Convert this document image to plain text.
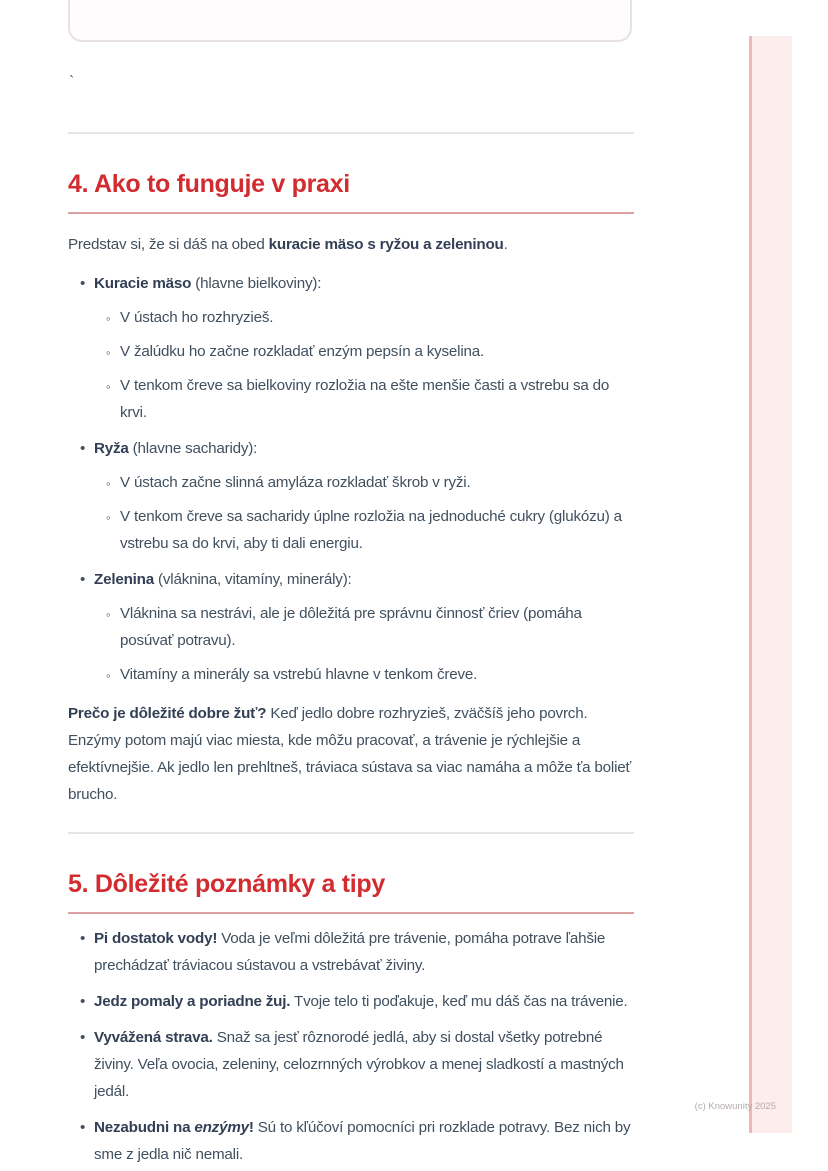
`
4. Ako to funguje v praxi

Predstav si, že si dáš na obed kuracie mäso s ryžou a zeleninou.

• Kuracie mäso (hlavne bielkoviny):
◦ V ústach ho rozhryzieš.
◦ V žalúdku ho začne rozkladať enzým pepsín a kyselina.
◦ V tenkom čreve sa bielkoviny rozložia na ešte menšie časti a vstrebu sa do krvi.
• Ryža (hlavne sacharidy):
◦ V ústach začne slinná amyláza rozkladať škrob v ryži.
◦ V tenkom čreve sa sacharidy úplne rozložia na jednoduché cukry (glukózu) a vstrebu sa do krvi, aby ti dali energiu.
• Zelenina (vláknina, vitamíny, minerály):
◦ Vláknina sa nestrávi, ale je dôležitá pre správnu činnosť čriev (pomáha posúvať potravu).
◦ Vitamíny a minerály sa vstrebú hlavne v tenkom čreve.

Prečo je dôležité dobre žuť? Keď jedlo dobre rozhryzieš, zväčšíš jeho povrch. Enzýmy potom majú viac miesta, kde môžu pracovať, a trávenie je rýchlejšie a efektívnejšie. Ak jedlo len prehltneš, tráviaca sústava sa viac namáha a môže ťa bolieť brucho.

5. Dôležité poznámky a tipy
• Pi dostatok vody! Voda je veľmi dôležitá pre trávenie, pomáha potrave ľahšie prechádzať tráviacou sústavou a vstrebávať živiny.
• Jedz pomaly a poriadne žuj. Tvoje telo ti poďakuje, keď mu dáš čas na trávenie.
• Vyvážená strava. Snaž sa jesť rôznorodé jedlá, aby si dostal všetky potrebné živiny. Veľa ovocia, zeleniny, celozrnných výrobkov a menej sladkostí a mastných jedál.
• Nezabudni na enzýmy! Sú to kľúčoví pomocníci pri rozklade potravy. Bez nich by sme z jedla nič nemali.
(c) Knowunity 2025
